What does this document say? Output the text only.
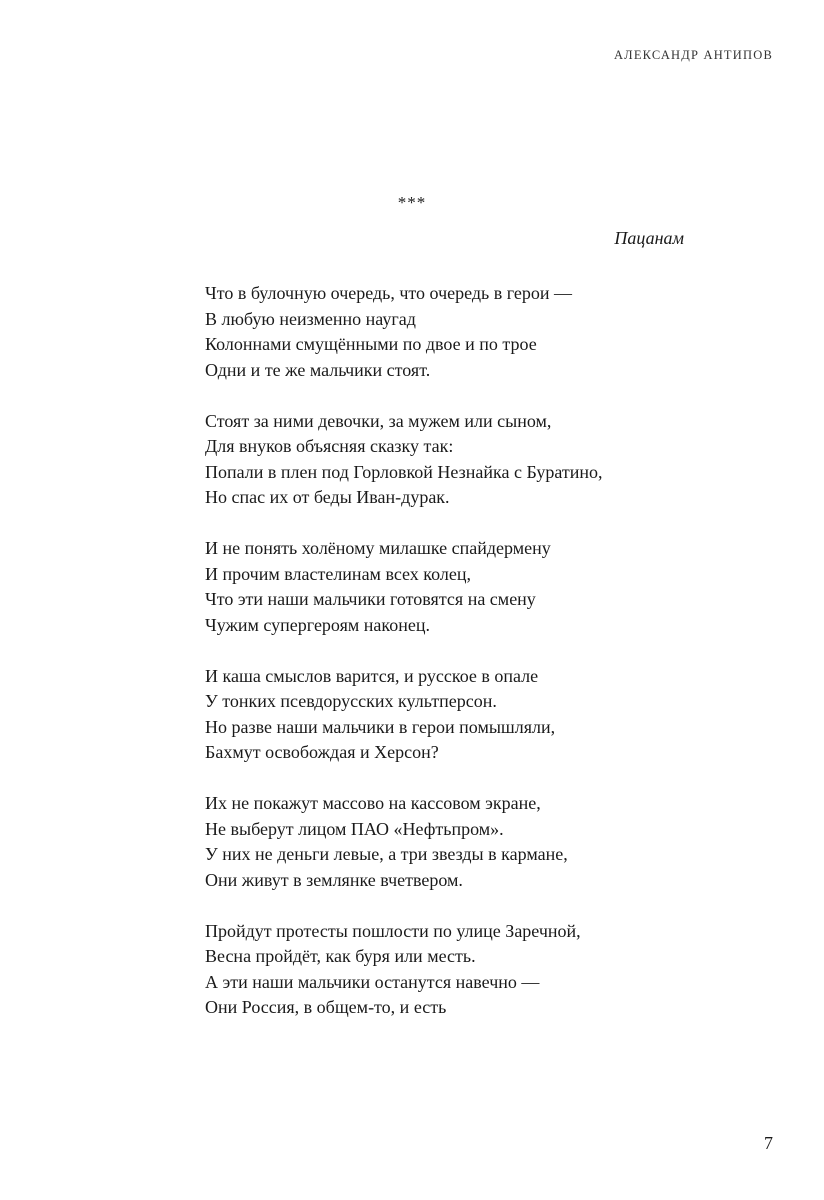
АЛЕКСАНДР АНТИПОВ
***
Пацанам
Что в булочную очередь, что очередь в герои —
В любую неизменно наугад
Колоннами смущёнными по двое и по трое
Одни и те же мальчики стоят.
Стоят за ними девочки, за мужем или сыном,
Для внуков объясняя сказку так:
Попали в плен под Горловкой Незнайка с Буратино,
Но спас их от беды Иван-дурак.
И не понять холёному милашке спайдермену
И прочим властелинам всех колец,
Что эти наши мальчики готовятся на смену
Чужим супергероям наконец.
И каша смыслов варится, и русское в опале
У тонких псевдорусских культперсон.
Но разве наши мальчики в герои помышляли,
Бахмут освобождая и Херсон?
Их не покажут массово на кассовом экране,
Не выберут лицом ПАО «Нефтьпром».
У них не деньги левые, а три звезды в кармане,
Они живут в землянке вчетвером.
Пройдут протесты пошлости по улице Заречной,
Весна пройдёт, как буря или месть.
А эти наши мальчики останутся навечно —
Они Россия, в общем-то, и есть
7
